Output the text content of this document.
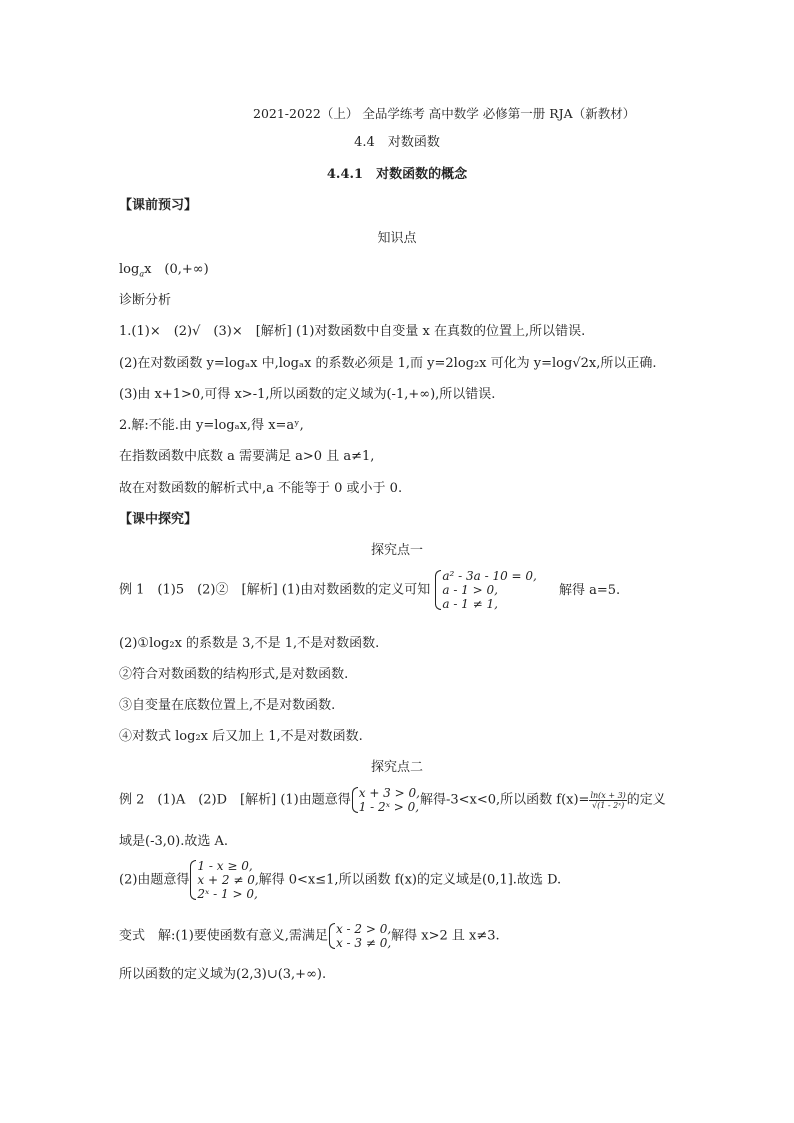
2021-2022（上） 全品学练考 高中数学 必修第一册 RJA（新教材）
4.4　对数函数
4.4.1　对数函数的概念
【课前预习】
知识点
$\log_ax$　(0,+∞)
诊断分析
1.(1)×　(2)√　(3)×　[解析] (1)对数函数中自变量 x 在真数的位置上,所以错误.
(2)在对数函数 y=logₐx 中,logₐx 的系数必须是 1,而 y=2log₂x 可化为 y=log√2x,所以正确.
(3)由 x+1>0,可得 x>-1,所以函数的定义域为(-1,+∞),所以错误.
2.解:不能.由 y=logₐx,得 x=aʸ,
在指数函数中底数 a 需要满足 a>0 且 a≠1,
故在对数函数的解析式中,a 不能等于 0 或小于 0.
【课中探究】
探究点一
例 1　(1)5　(2)②　[解析] (1)由对数函数的定义可知
a² - 3a - 10 = 0,
a - 1 > 0,
a - 1 ≠ 1,
解得 a=5.
(2)①log₂x 的系数是 3,不是 1,不是对数函数.
②符合对数函数的结构形式,是对数函数.
③自变量在底数位置上,不是对数函数.
④对数式 log₂x 后又加上 1,不是对数函数.
探究点二
例 2　(1)A　(2)D　[解析] (1)由题意得 x + 3 > 0,
1 - 2ˣ > 0, 解得-3<x<0,所以函数 $f(x)= \frac{\ln(x + 3)}{\text{√(1 - 2ˣ)}}$ 的定义
域是(-3,0).故选 A.
(2)由题意得
1 - x ≥ 0,
x + 2 ≠ 0,
2ˣ - 1 > 0,
解得 0<x≤1,所以函数 f(x)的定义域是(0,1].故选 D.
变式　解:(1)要使函数有意义,需满足 x - 2 > 0,
x - 3 ≠ 0, 解得 x>2 且 x≠3.
所以函数的定义域为(2,3)∪(3,+∞).
